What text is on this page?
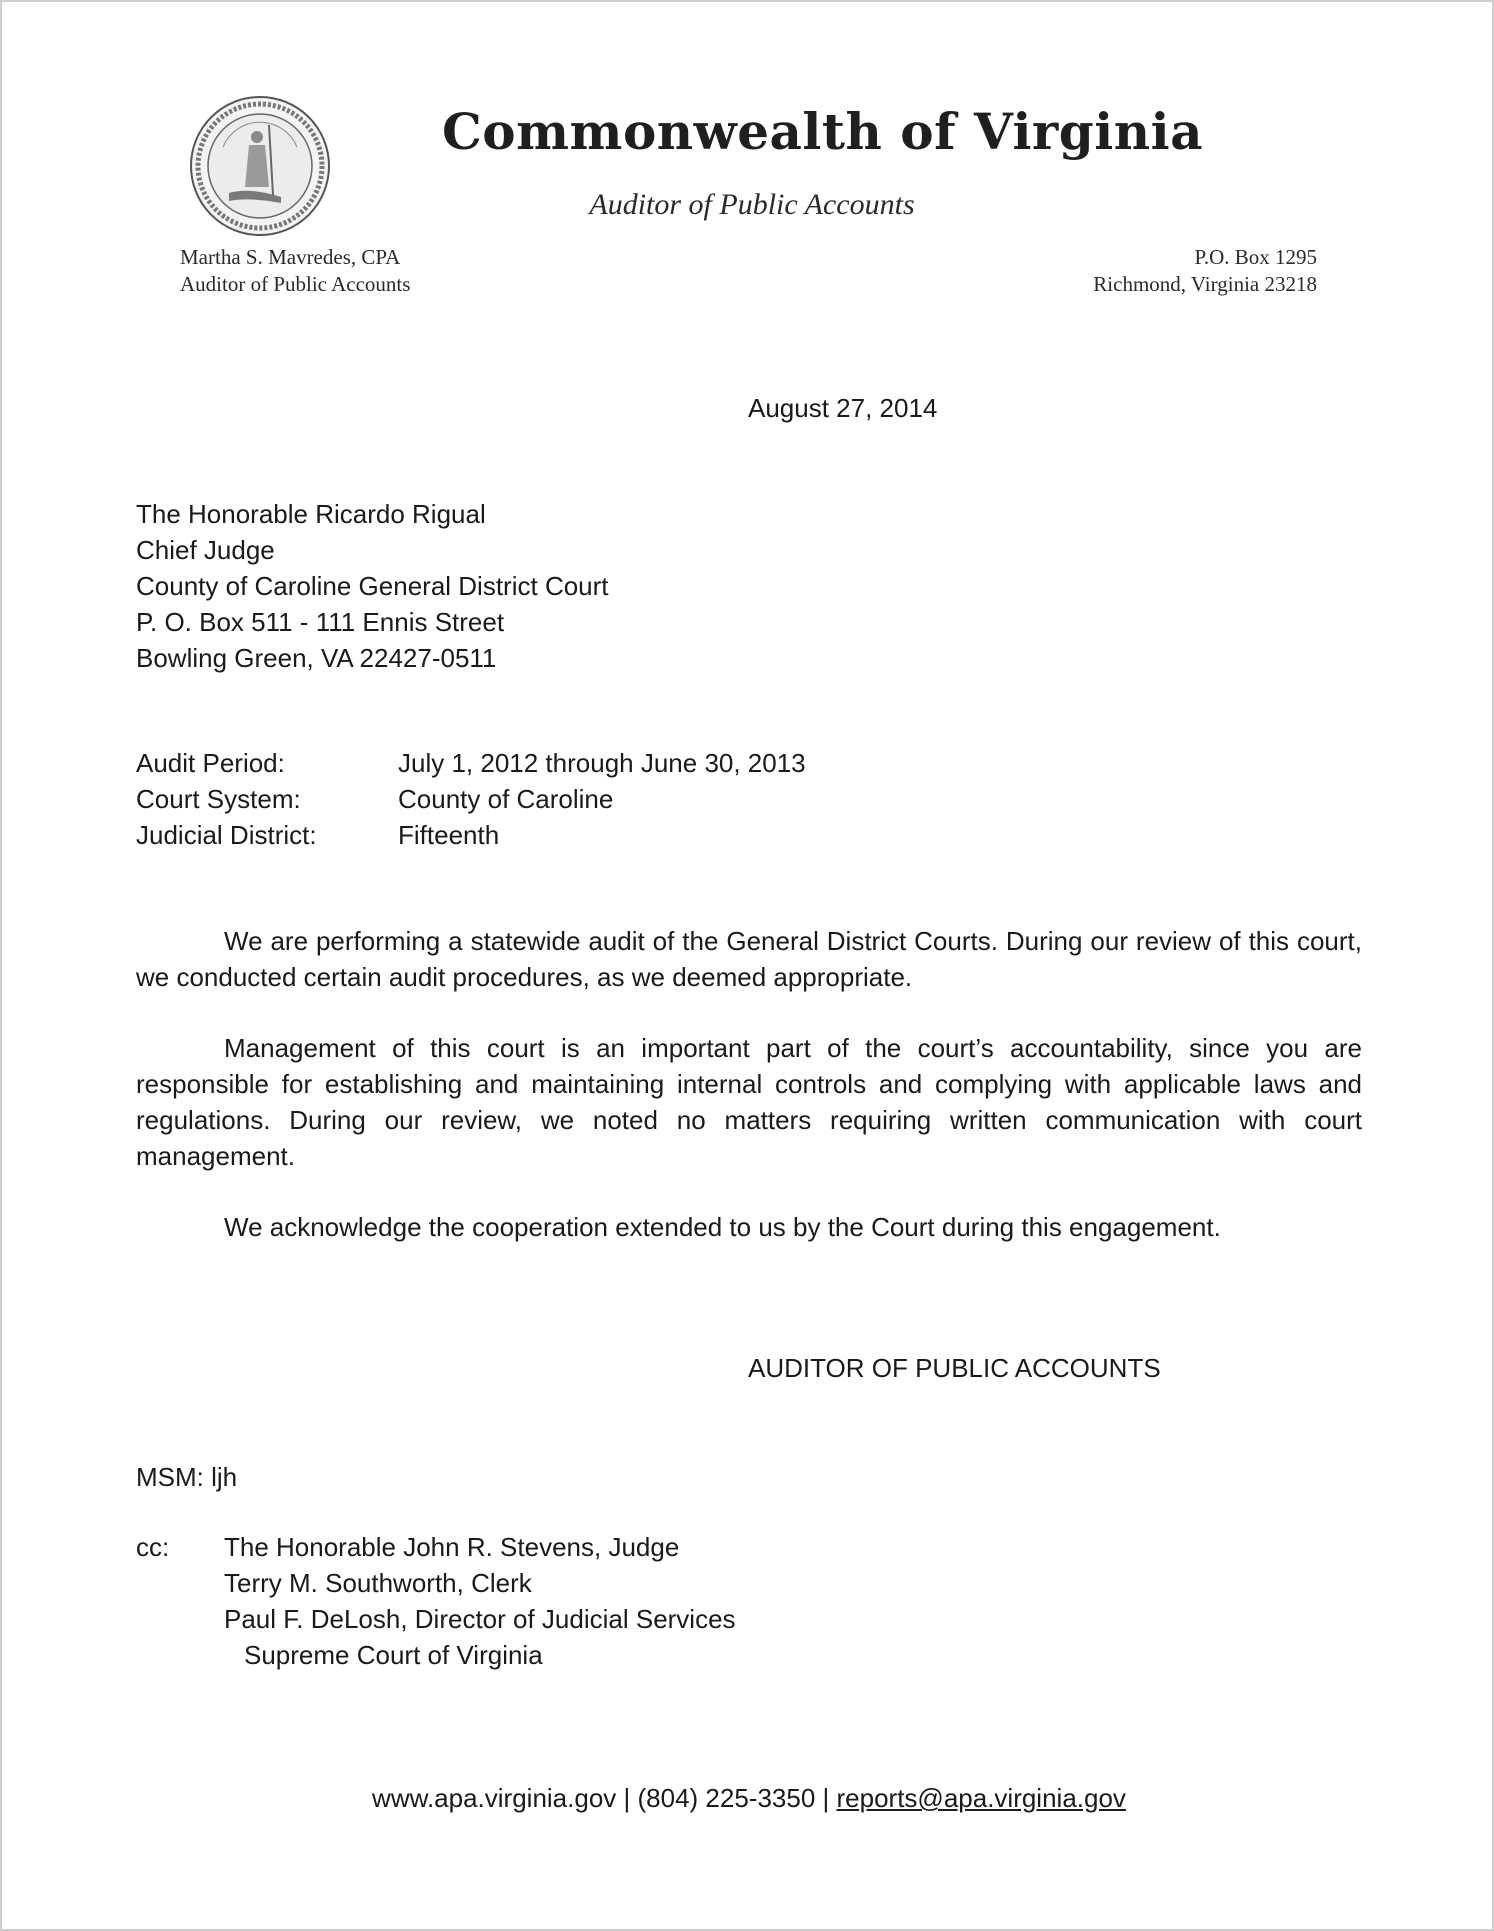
Commonwealth of Virginia
Auditor of Public Accounts
Martha S. Mavredes, CPA
Auditor of Public Accounts
P.O. Box 1295
Richmond, Virginia 23218
August 27, 2014
The Honorable Ricardo Rigual
Chief Judge
County of Caroline General District Court
P. O. Box 511 - 111 Ennis Street
Bowling Green, VA 22427-0511
Audit Period:	July 1, 2012 through June 30, 2013
Court System:	County of Caroline
Judicial District:	Fifteenth

We are performing a statewide audit of the General District Courts. During our review of this court, we conducted certain audit procedures, as we deemed appropriate.

Management of this court is an important part of the court’s accountability, since you are responsible for establishing and maintaining internal controls and complying with applicable laws and regulations. During our review, we noted no matters requiring written communication with court management.

We acknowledge the cooperation extended to us by the Court during this engagement.

AUDITOR OF PUBLIC ACCOUNTS
MSM: ljh
cc:	The Honorable John R. Stevens, Judge
Terry M. Southworth, Clerk
Paul F. DeLosh, Director of Judicial Services
Supreme Court of Virginia
www.apa.virginia.gov | (804) 225-3350 | reports@apa.virginia.gov
